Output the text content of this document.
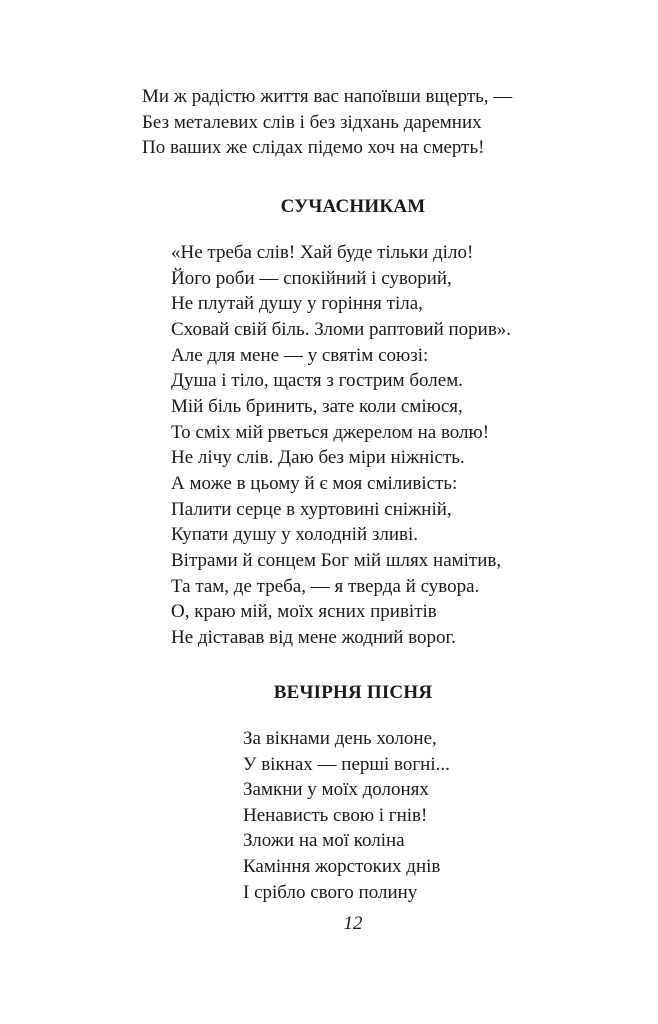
Ми ж радістю життя вас напоївши вщерть, —
Без металевих слів і без зідхань даремних
По ваших же слідах підемо хоч на смерть!
СУЧАСНИКАМ
«Не треба слів! Хай буде тільки діло!
Його роби — спокійний і суворий,
Не плутай душу у горіння тіла,
Сховай свій біль. Зломи раптовий порив».
Але для мене — у святім союзі:
Душа і тіло, щастя з гострим болем.
Мій біль бринить, зате коли сміюся,
То сміх мій рветься джерелом на волю!
Не лічу слів. Даю без міри ніжність.
А може в цьому й є моя сміливість:
Палити серце в хуртовині сніжній,
Купати душу у холодній зливі.
Вітрами й сонцем Бог мій шлях намітив,
Та там, де треба, — я тверда й сувора.
О, краю мій, моїх ясних привітів
Не діставав від мене жодний ворог.
ВЕЧІРНЯ ПІСНЯ
За вікнами день холоне,
У вікнах — перші вогні...
Замкни у моїх долонях
Ненависть свою і гнів!
Зложи на мої коліна
Каміння жорстоких днів
І срібло свого полину
12
